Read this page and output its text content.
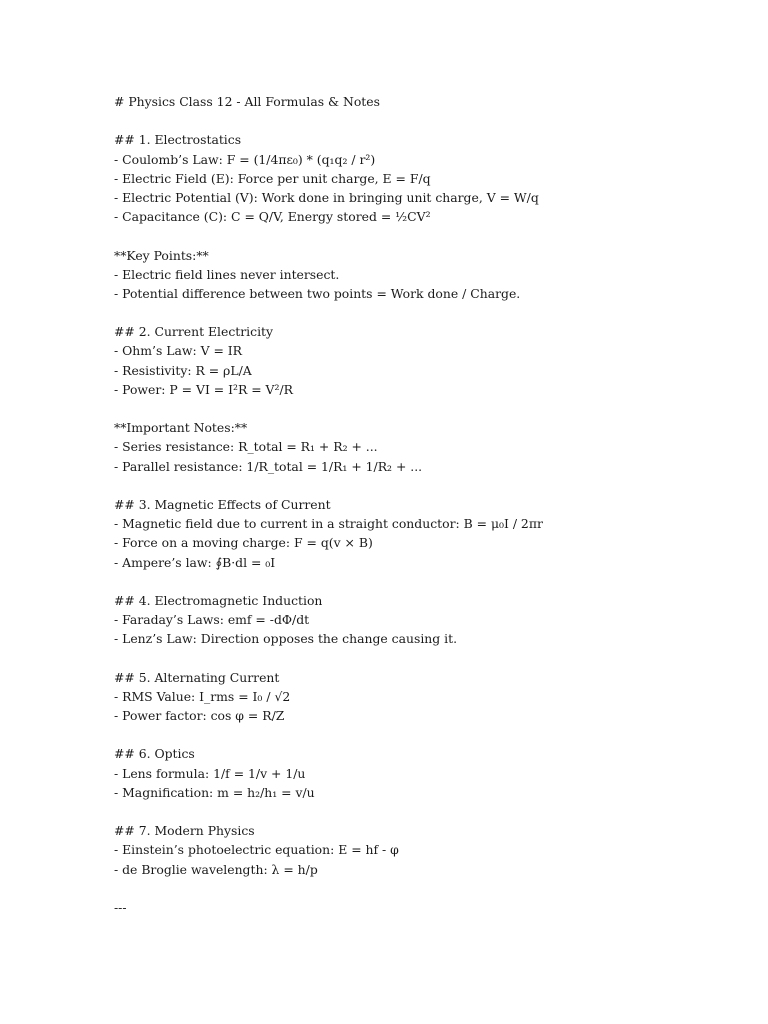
# Physics Class 12 - All Formulas & Notes
## 1. Electrostatics
- Coulomb’s Law: F = (1/4πε₀) * (q₁q₂ / r²)
- Electric Field (E): Force per unit charge, E = F/q
- Electric Potential (V): Work done in bringing unit charge, V = W/q
- Capacitance (C): C = Q/V, Energy stored = ½CV²
**Key Points:**
- Electric field lines never intersect.
- Potential difference between two points = Work done / Charge.
## 2. Current Electricity
- Ohm’s Law: V = IR
- Resistivity: R = ρL/A
- Power: P = VI = I²R = V²/R
**Important Notes:**
- Series resistance: R_total = R₁ + R₂ + ...
- Parallel resistance: 1/R_total = 1/R₁ + 1/R₂ + ...
## 3. Magnetic Effects of Current
- Magnetic field due to current in a straight conductor: B = μ₀I / 2πr
- Force on a moving charge: F = q(v × B)
- Ampere’s law: ∮B·dl = ₀I
## 4. Electromagnetic Induction
- Faraday’s Laws: emf = -dΦ/dt
- Lenz’s Law: Direction opposes the change causing it.
## 5. Alternating Current
- RMS Value: I_rms = I₀ / √2
- Power factor: cos φ = R/Z
## 6. Optics
- Lens formula: 1/f = 1/v + 1/u
- Magnification: m = h₂/h₁ = v/u
## 7. Modern Physics
- Einstein’s photoelectric equation: E = hf - φ
- de Broglie wavelength: λ = h/p
---
